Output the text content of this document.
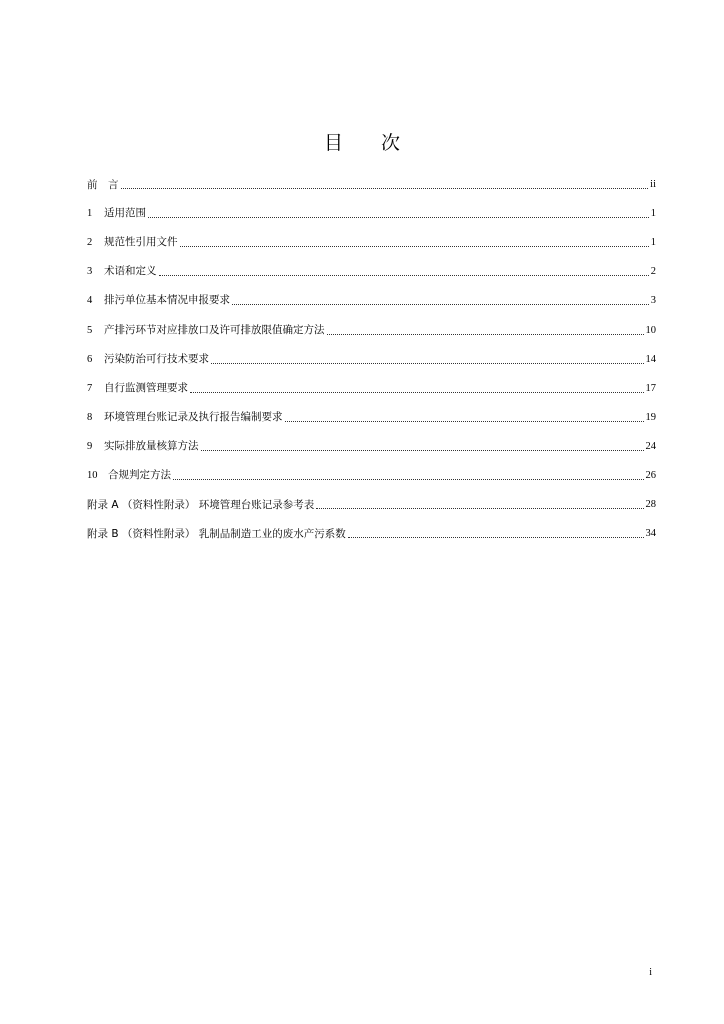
目 次
前　言	ii
1 适用范围	1
2 规范性引用文件	1
3 术语和定义	2
4 排污单位基本情况申报要求	3
5 产排污环节对应排放口及许可排放限值确定方法	10
6 污染防治可行技术要求	14
7 自行监测管理要求	17
8 环境管理台账记录及执行报告编制要求	19
9 实际排放量核算方法	24
10 合规判定方法	26
附录 A （资料性附录） 环境管理台账记录参考表	28
附录 B （资料性附录） 乳制品制造工业的废水产污系数	34
i
